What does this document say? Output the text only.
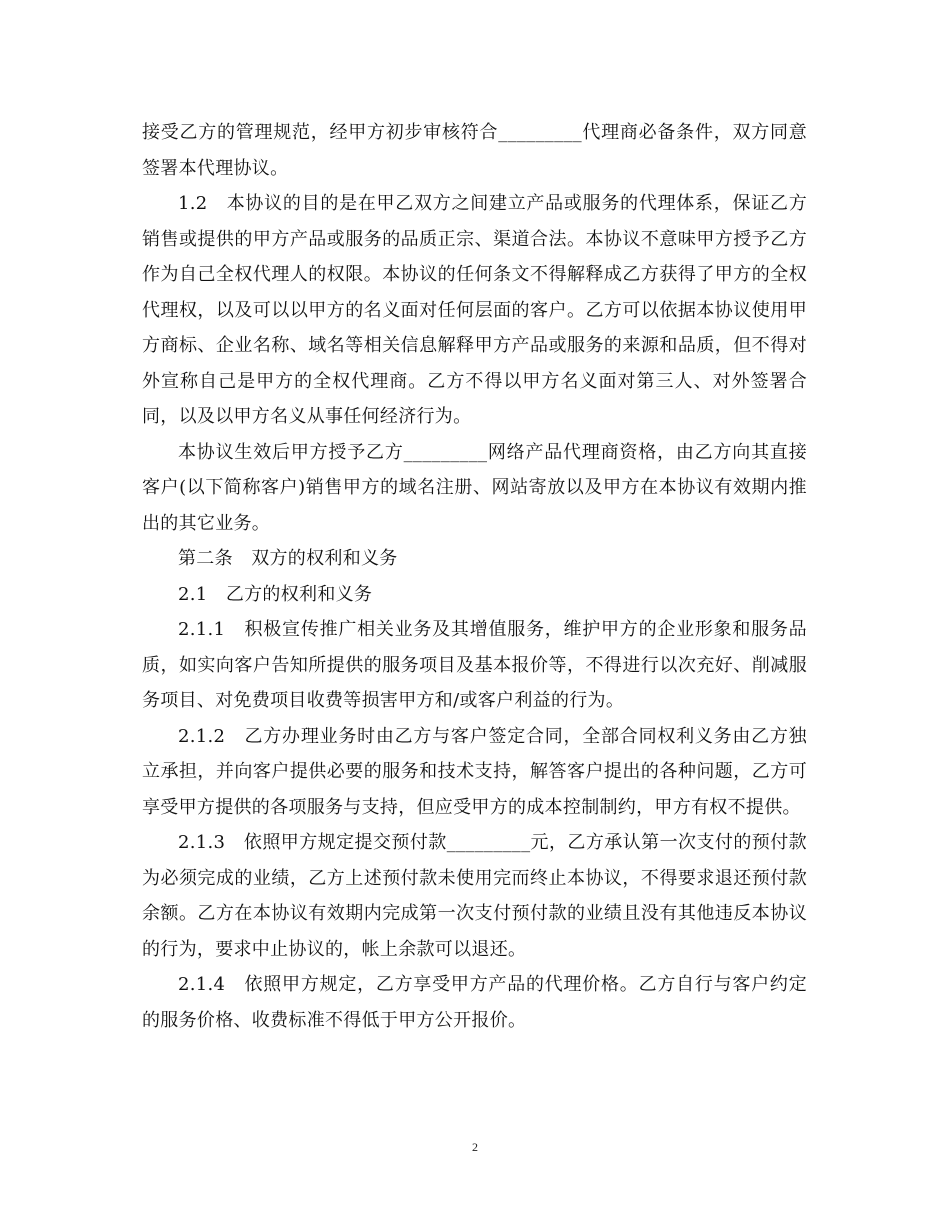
接受乙方的管理规范，经甲方初步审核符合_________代理商必备条件，双方同意签署本代理协议。

1.2　本协议的目的是在甲乙双方之间建立产品或服务的代理体系，保证乙方销售或提供的甲方产品或服务的品质正宗、渠道合法。本协议不意味甲方授予乙方作为自己全权代理人的权限。本协议的任何条文不得解释成乙方获得了甲方的全权代理权，以及可以以甲方的名义面对任何层面的客户。乙方可以依据本协议使用甲方商标、企业名称、域名等相关信息解释甲方产品或服务的来源和品质，但不得对外宣称自己是甲方的全权代理商。乙方不得以甲方名义面对第三人、对外签署合同，以及以甲方名义从事任何经济行为。

本协议生效后甲方授予乙方_________网络产品代理商资格，由乙方向其直接客户(以下简称客户)销售甲方的域名注册、网站寄放以及甲方在本协议有效期内推出的其它业务。

第二条　双方的权利和义务

2.1　乙方的权利和义务

2.1.1　积极宣传推广相关业务及其增值服务，维护甲方的企业形象和服务品质，如实向客户告知所提供的服务项目及基本报价等，不得进行以次充好、削减服务项目、对免费项目收费等损害甲方和/或客户利益的行为。

2.1.2　乙方办理业务时由乙方与客户签定合同，全部合同权利义务由乙方独立承担，并向客户提供必要的服务和技术支持，解答客户提出的各种问题，乙方可享受甲方提供的各项服务与支持，但应受甲方的成本控制制约，甲方有权不提供。

2.1.3　依照甲方规定提交预付款_________元，乙方承认第一次支付的预付款为必须完成的业绩，乙方上述预付款未使用完而终止本协议，不得要求退还预付款余额。乙方在本协议有效期内完成第一次支付预付款的业绩且没有其他违反本协议的行为，要求中止协议的，帐上余款可以退还。

2.1.4　依照甲方规定，乙方享受甲方产品的代理价格。乙方自行与客户约定的服务价格、收费标准不得低于甲方公开报价。

2
